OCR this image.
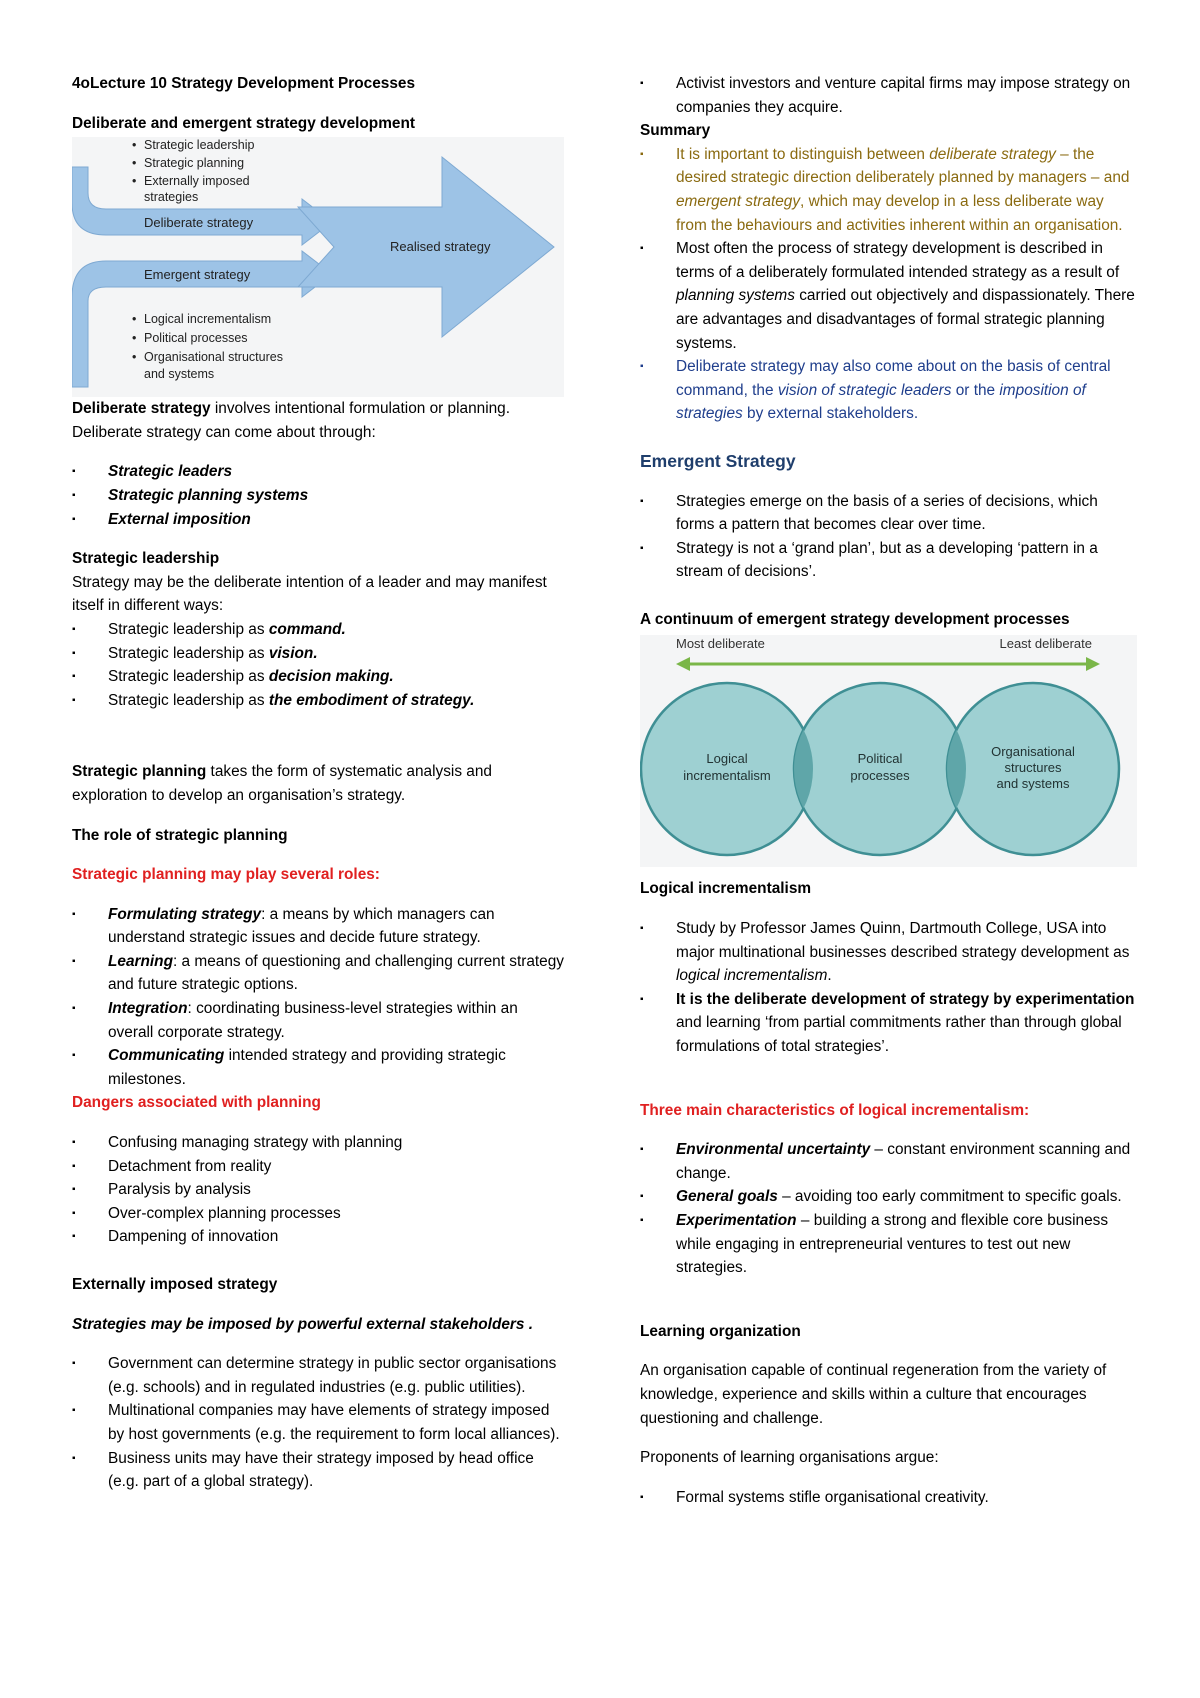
4oLecture 10 Strategy Development Processes

Deliberate and emergent strategy development

Deliberate strategy
Emergent strategy
Realised strategy
• Strategic leadership
• Strategic planning
• Externally imposed
strategies
• Logical incrementalism
• Political processes
• Organisational structures
and systems

Deliberate strategy involves intentional formulation or planning. Deliberate strategy can come about through:

▪ Strategic leaders
▪ Strategic planning systems
▪ External imposition

Strategic leadership

Strategy may be the deliberate intention of a leader and may manifest itself in different ways:

▪ Strategic leadership as command.
▪ Strategic leadership as vision.
▪ Strategic leadership as decision making.
▪ Strategic leadership as the embodiment of strategy.

Strategic planning takes the form of systematic analysis and exploration to develop an organisation’s strategy.

The role of strategic planning

Strategic planning may play several roles:

▪ Formulating strategy: a means by which managers can understand strategic issues and decide future strategy.
▪ Learning: a means of questioning and challenging current strategy and future strategic options.
▪ Integration: coordinating business-level strategies within an overall corporate strategy.
▪ Communicating intended strategy and providing strategic milestones.

Dangers associated with planning

▪ Confusing managing strategy with planning
▪ Detachment from reality
▪ Paralysis by analysis
▪ Over-complex planning processes
▪ Dampening of innovation

Externally imposed strategy

Strategies may be imposed by powerful external stakeholders .

▪ Government can determine strategy in public sector organisations (e.g. schools) and in regulated industries (e.g. public utilities).
▪ Multinational companies may have elements of strategy imposed by host governments (e.g. the requirement to form local alliances).
▪ Business units may have their strategy imposed by head office (e.g. part of a global strategy).
▪ Activist investors and venture capital firms may impose strategy on companies they acquire.

Summary

▪ It is important to distinguish between deliberate strategy – the desired strategic direction deliberately planned by managers – and emergent strategy, which may develop in a less deliberate way from the behaviours and activities inherent within an organisation.
▪ Most often the process of strategy development is described in terms of a deliberately formulated intended strategy as a result of planning systems carried out objectively and dispassionately. There are advantages and disadvantages of formal strategic planning systems.
▪ Deliberate strategy may also come about on the basis of central command, the vision of strategic leaders or the imposition of strategies by external stakeholders.

Emergent Strategy

▪ Strategies emerge on the basis of a series of decisions, which forms a pattern that becomes clear over time.
▪ Strategy is not a ‘grand plan’, but as a developing ‘pattern in a stream of decisions’.

A continuum of emergent strategy development processes

Most deliberate	Least deliberate
Logical
incrementalism
Political
processes
Organisational
structures
and systems

Logical incrementalism

▪ Study by Professor James Quinn, Dartmouth College, USA into major multinational businesses described strategy development as logical incrementalism.
▪ It is the deliberate development of strategy by experimentation and learning ‘from partial commitments rather than through global formulations of total strategies’.

Three main characteristics of logical incrementalism:

▪ Environmental uncertainty – constant environment scanning and change.
▪ General goals – avoiding too early commitment to specific goals.
▪ Experimentation – building a strong and flexible core business while engaging in entrepreneurial ventures to test out new strategies.

Learning organization

An organisation capable of continual regeneration from the variety of knowledge, experience and skills within a culture that encourages questioning and challenge.

Proponents of learning organisations argue:

▪ Formal systems stifle organisational creativity.
